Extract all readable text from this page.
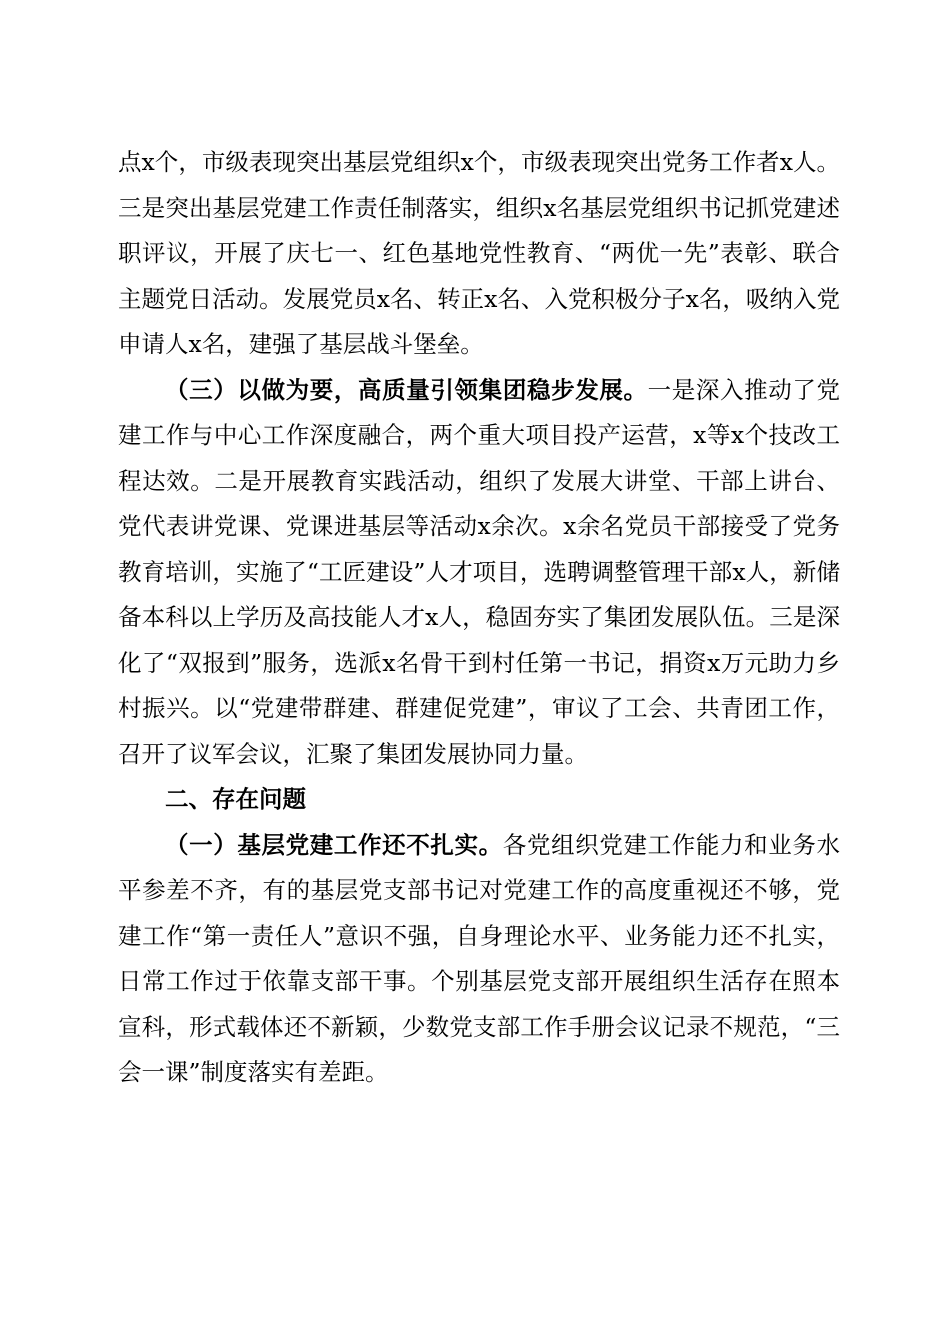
点x个，市级表现突出基层党组织x个，市级表现突出党务工作者x人。三是突出基层党建工作责任制落实，组织x名基层党组织书记抓党建述职评议，开展了庆七一、红色基地党性教育、“两优一先”表彰、联合主题党日活动。发展党员x名、转正x名、入党积极分子x名，吸纳入党申请人x名，建强了基层战斗堡垒。

（三）以做为要，高质量引领集团稳步发展。一是深入推动了党建工作与中心工作深度融合，两个重大项目投产运营，x等x个技改工程达效。二是开展教育实践活动，组织了发展大讲堂、干部上讲台、党代表讲党课、党课进基层等活动x余次。x余名党员干部接受了党务教育培训，实施了“工匠建设”人才项目，选聘调整管理干部x人，新储备本科以上学历及高技能人才x人，稳固夯实了集团发展队伍。三是深化了“双报到”服务，选派x名骨干到村任第一书记，捐资x万元助力乡村振兴。以“党建带群建、群建促党建”，审议了工会、共青团工作，召开了议军会议，汇聚了集团发展协同力量。

二、存在问题

（一）基层党建工作还不扎实。各党组织党建工作能力和业务水平参差不齐，有的基层党支部书记对党建工作的高度重视还不够，党建工作“第一责任人”意识不强，自身理论水平、业务能力还不扎实，日常工作过于依靠支部干事。个别基层党支部开展组织生活存在照本宣科，形式载体还不新颖，少数党支部工作手册会议记录不规范，“三会一课”制度落实有差距。
